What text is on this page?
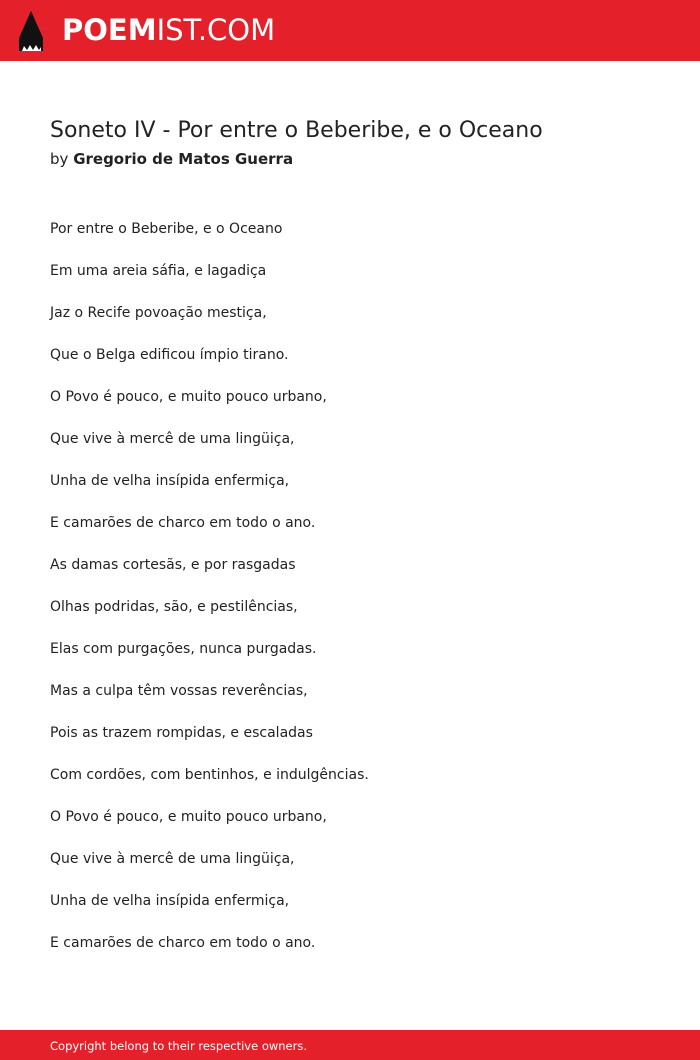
POEMIST.COM
Soneto IV - Por entre o Beberibe, e o Oceano
by Gregorio de Matos Guerra
Por entre o Beberibe, e o Oceano
Em uma areia sáfia, e lagadiça
Jaz o Recife povoação mestiça,
Que o Belga edificou ímpio tirano.
O Povo é pouco, e muito pouco urbano,
Que vive à mercê de uma lingüiça,
Unha de velha insípida enfermiça,
E camarões de charco em todo o ano.
As damas cortesãs, e por rasgadas
Olhas podridas, são, e pestilências,
Elas com purgações, nunca purgadas.
Mas a culpa têm vossas reverências,
Pois as trazem rompidas, e escaladas
Com cordões, com bentinhos, e indulgências.
O Povo é pouco, e muito pouco urbano,
Que vive à mercê de uma lingüiça,
Unha de velha insípida enfermiça,
E camarões de charco em todo o ano.
Copyright belong to their respective owners.
